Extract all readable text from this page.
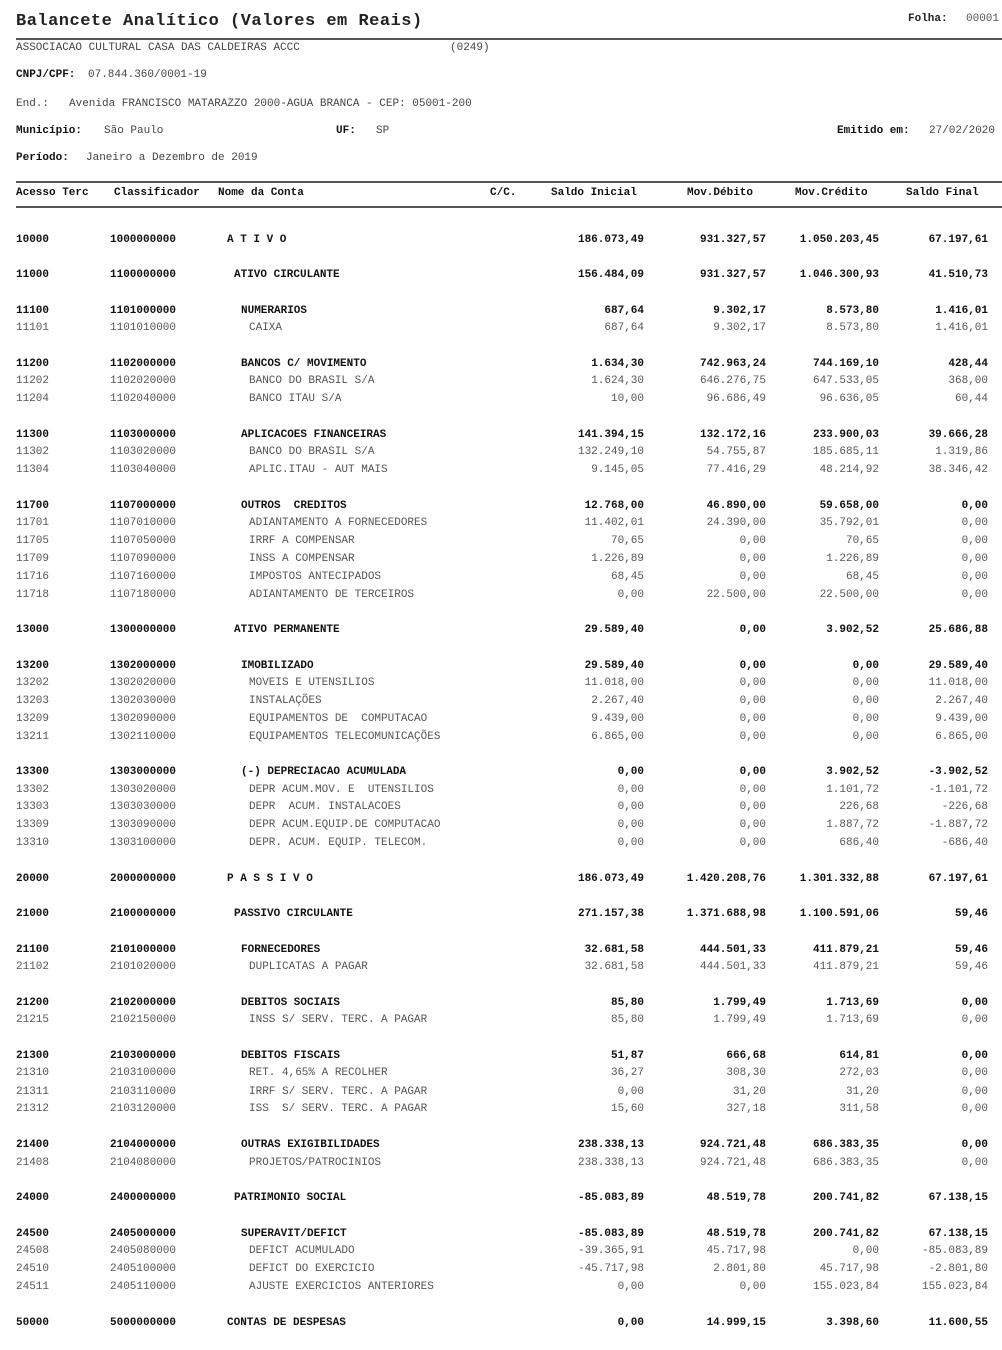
Balancete Analítico (Valores em Reais)	Folha: 00001
ASSOCIACAO CULTURAL CASA DAS CALDEIRAS ACCC	(0249)
CNPJ/CPF: 07.844.360/0001-19
End.: Avenida FRANCISCO MATARAZZO 2000-AGUA BRANCA - CEP: 05001-200
Município: São Paulo	UF: SP	Emitido em: 27/02/2020
Período: Janeiro a Dezembro de 2019
Acesso Terc Classificador Nome da Conta	C/C.	Saldo Inicial	Mov.Débito	Mov.Crédito	Saldo Final
10000	1000000000	A T I V O	186.073,49	931.327,57	1.050.203,45	67.197,61
11000	1100000000	ATIVO CIRCULANTE	156.484,09	931.327,57	1.046.300,93	41.510,73
11100	1101000000	NUMERARIOS	687,64	9.302,17	8.573,80	1.416,01
11101	1101010000	CAIXA	687,64	9.302,17	8.573,80	1.416,01
11200	1102000000	BANCOS C/ MOVIMENTO	1.634,30	742.963,24	744.169,10	428,44
11202	1102020000	BANCO DO BRASIL S/A	1.624,30	646.276,75	647.533,05	368,00
11204	1102040000	BANCO ITAU S/A	10,00	96.686,49	96.636,05	60,44
11300	1103000000	APLICACOES FINANCEIRAS	141.394,15	132.172,16	233.900,03	39.666,28
11302	1103020000	BANCO DO BRASIL S/A	132.249,10	54.755,87	185.685,11	1.319,86
11304	1103040000	APLIC.ITAU - AUT MAIS	9.145,05	77.416,29	48.214,92	38.346,42
11700	1107000000	OUTROS  CREDITOS	12.768,00	46.890,00	59.658,00	0,00
11701	1107010000	ADIANTAMENTO A FORNECEDORES	11.402,01	24.390,00	35.792,01	0,00
11705	1107050000	IRRF A COMPENSAR	70,65	0,00	70,65	0,00
11709	1107090000	INSS A COMPENSAR	1.226,89	0,00	1.226,89	0,00
11716	1107160000	IMPOSTOS ANTECIPADOS	68,45	0,00	68,45	0,00
11718	1107180000	ADIANTAMENTO DE TERCEIROS	0,00	22.500,00	22.500,00	0,00
13000	1300000000	ATIVO PERMANENTE	29.589,40	0,00	3.902,52	25.686,88
13200	1302000000	IMOBILIZADO	29.589,40	0,00	0,00	29.589,40
13202	1302020000	MOVEIS E UTENSILIOS	11.018,00	0,00	0,00	11.018,00
13203	1302030000	INSTALAÇÕES	2.267,40	0,00	0,00	2.267,40
13209	1302090000	EQUIPAMENTOS DE  COMPUTACAO	9.439,00	0,00	0,00	9.439,00
13211	1302110000	EQUIPAMENTOS TELECOMUNICAÇÕES	6.865,00	0,00	0,00	6.865,00
13300	1303000000	(-) DEPRECIACAO ACUMULADA	0,00	0,00	3.902,52	-3.902,52
13302	1303020000	DEPR ACUM.MOV. E  UTENSILIOS	0,00	0,00	1.101,72	-1.101,72
13303	1303030000	DEPR  ACUM. INSTALACOES	0,00	0,00	226,68	-226,68
13309	1303090000	DEPR ACUM.EQUIP.DE COMPUTACAO	0,00	0,00	1.887,72	-1.887,72
13310	1303100000	DEPR. ACUM. EQUIP. TELECOM.	0,00	0,00	686,40	-686,40
20000	2000000000	P A S S I V O	186.073,49	1.420.208,76	1.301.332,88	67.197,61
21000	2100000000	PASSIVO CIRCULANTE	271.157,38	1.371.688,98	1.100.591,06	59,46
21100	2101000000	FORNECEDORES	32.681,58	444.501,33	411.879,21	59,46
21102	2101020000	DUPLICATAS A PAGAR	32.681,58	444.501,33	411.879,21	59,46
21200	2102000000	DEBITOS SOCIAIS	85,80	1.799,49	1.713,69	0,00
21215	2102150000	INSS S/ SERV. TERC. A PAGAR	85,80	1.799,49	1.713,69	0,00
21300	2103000000	DEBITOS FISCAIS	51,87	666,68	614,81	0,00
21310	2103100000	RET. 4,65% A RECOLHER	36,27	308,30	272,03	0,00
21311	2103110000	IRRF S/ SERV. TERC. A PAGAR	0,00	31,20	31,20	0,00
21312	2103120000	ISS  S/ SERV. TERC. A PAGAR	15,60	327,18	311,58	0,00
21400	2104000000	OUTRAS EXIGIBILIDADES	238.338,13	924.721,48	686.383,35	0,00
21408	2104080000	PROJETOS/PATROCINIOS	238.338,13	924.721,48	686.383,35	0,00
24000	2400000000	PATRIMONIO SOCIAL	-85.083,89	48.519,78	200.741,82	67.138,15
24500	2405000000	SUPERAVIT/DEFICT	-85.083,89	48.519,78	200.741,82	67.138,15
24508	2405080000	DEFICT ACUMULADO	-39.365,91	45.717,98	0,00	-85.083,89
24510	2405100000	DEFICT DO EXERCICIO	-45.717,98	2.801,80	45.717,98	-2.801,80
24511	2405110000	AJUSTE EXERCICIOS ANTERIORES	0,00	0,00	155.023,84	155.023,84
50000	5000000000	CONTAS DE DESPESAS	0,00	14.999,15	3.398,60	11.600,55
